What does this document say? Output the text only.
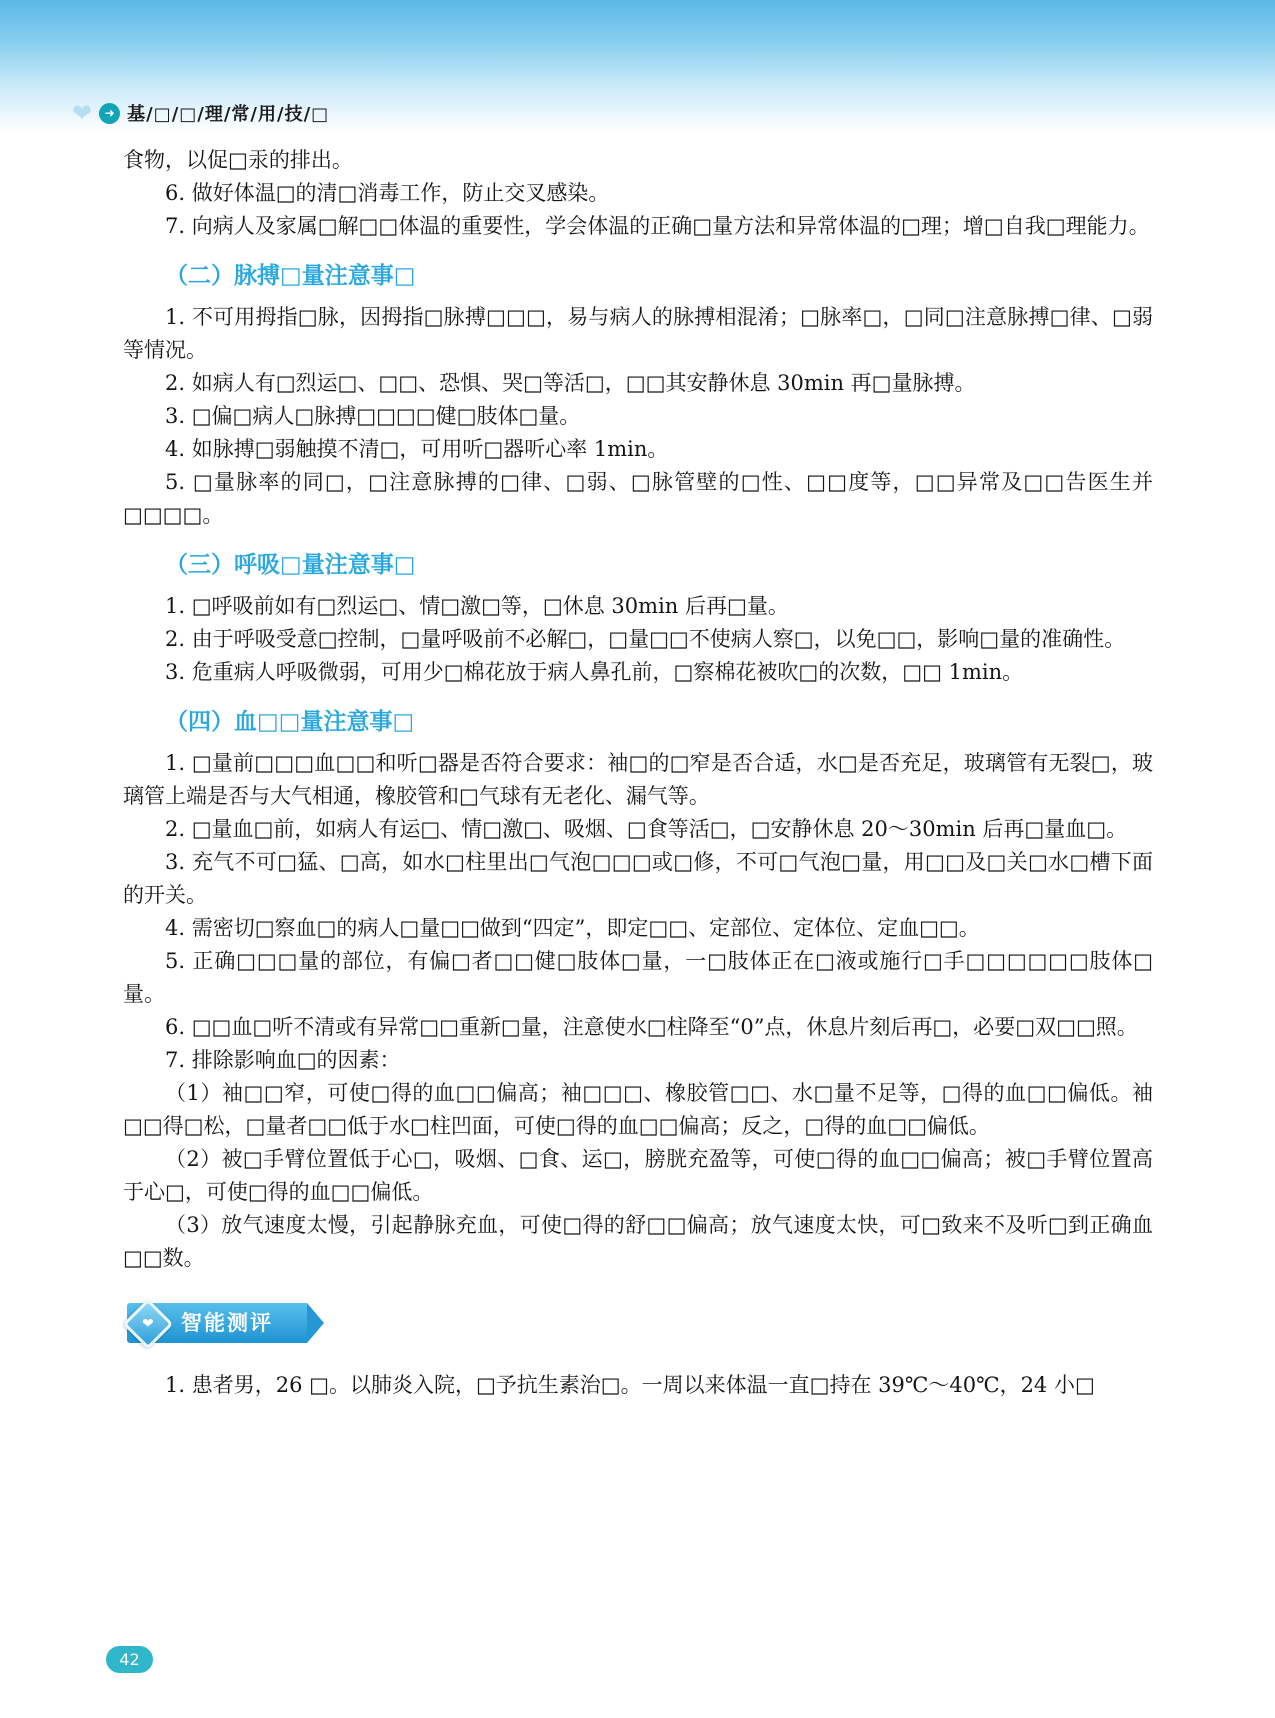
❤ ➜ 基/□/□/理/常/用/技/□

食物，以促□汞的排出。

6. 做好体温□的清□消毒工作，防止交叉感染。

7. 向病人及家属□解□□体温的重要性，学会体温的正确□量方法和异常体温的□理；增□自我□理能力。

（二）脉搏□量注意事□

1. 不可用拇指□脉，因拇指□脉搏□□□，易与病人的脉搏相混淆；□脉率□，□同□注意脉搏□律、□弱等情况。

2. 如病人有□烈运□、□□、恐惧、哭□等活□，□□其安静休息 30min 再□量脉搏。

3. □偏□病人□脉搏□□□□健□肢体□量。

4. 如脉搏□弱触摸不清□，可用听□器听心率 1min。

5. □量脉率的同□，□注意脉搏的□律、□弱、□脉管壁的□性、□□度等，□□异常及□□告医生并□□□□。

（三）呼吸□量注意事□

1. □呼吸前如有□烈运□、情□激□等，□休息 30min 后再□量。

2. 由于呼吸受意□控制，□量呼吸前不必解□，□量□□不使病人察□，以免□□，影响□量的准确性。

3. 危重病人呼吸微弱，可用少□棉花放于病人鼻孔前，□察棉花被吹□的次数，□□ 1min。

（四）血□□量注意事□

1. □量前□□□血□□和听□器是否符合要求：袖□的□窄是否合适，水□是否充足，玻璃管有无裂□，玻璃管上端是否与大气相通，橡胶管和□气球有无老化、漏气等。

2. □量血□前，如病人有运□、情□激□、吸烟、□食等活□，□安静休息 20～30min 后再□量血□。

3. 充气不可□猛、□高，如水□柱里出□气泡□□□或□修，不可□气泡□量，用□□及□关□水□槽下面的开关。

4. 需密切□察血□的病人□量□□做到“四定”，即定□□、定部位、定体位、定血□□。

5. 正确□□□量的部位，有偏□者□□健□肢体□量，一□肢体正在□液或施行□手□□□□□□肢体□量。

6. □□血□听不清或有异常□□重新□量，注意使水□柱降至“0”点，休息片刻后再□，必要□双□□照。

7. 排除影响血□的因素：

（1）袖□□窄，可使□得的血□□偏高；袖□□□、橡胶管□□、水□量不足等，□得的血□□偏低。袖□□得□松，□量者□□低于水□柱凹面，可使□得的血□□偏高；反之，□得的血□□偏低。

（2）被□手臂位置低于心□，吸烟、□食、运□，膀胱充盈等，可使□得的血□□偏高；被□手臂位置高于心□，可使□得的血□□偏低。

（3）放气速度太慢，引起静脉充血，可使□得的舒□□偏高；放气速度太快，可□致来不及听□到正确血□□数。

❤ 智能测评

1. 患者男，26 □。以肺炎入院，□予抗生素治□。一周以来体温一直□持在 39℃～40℃，24 小□

42
